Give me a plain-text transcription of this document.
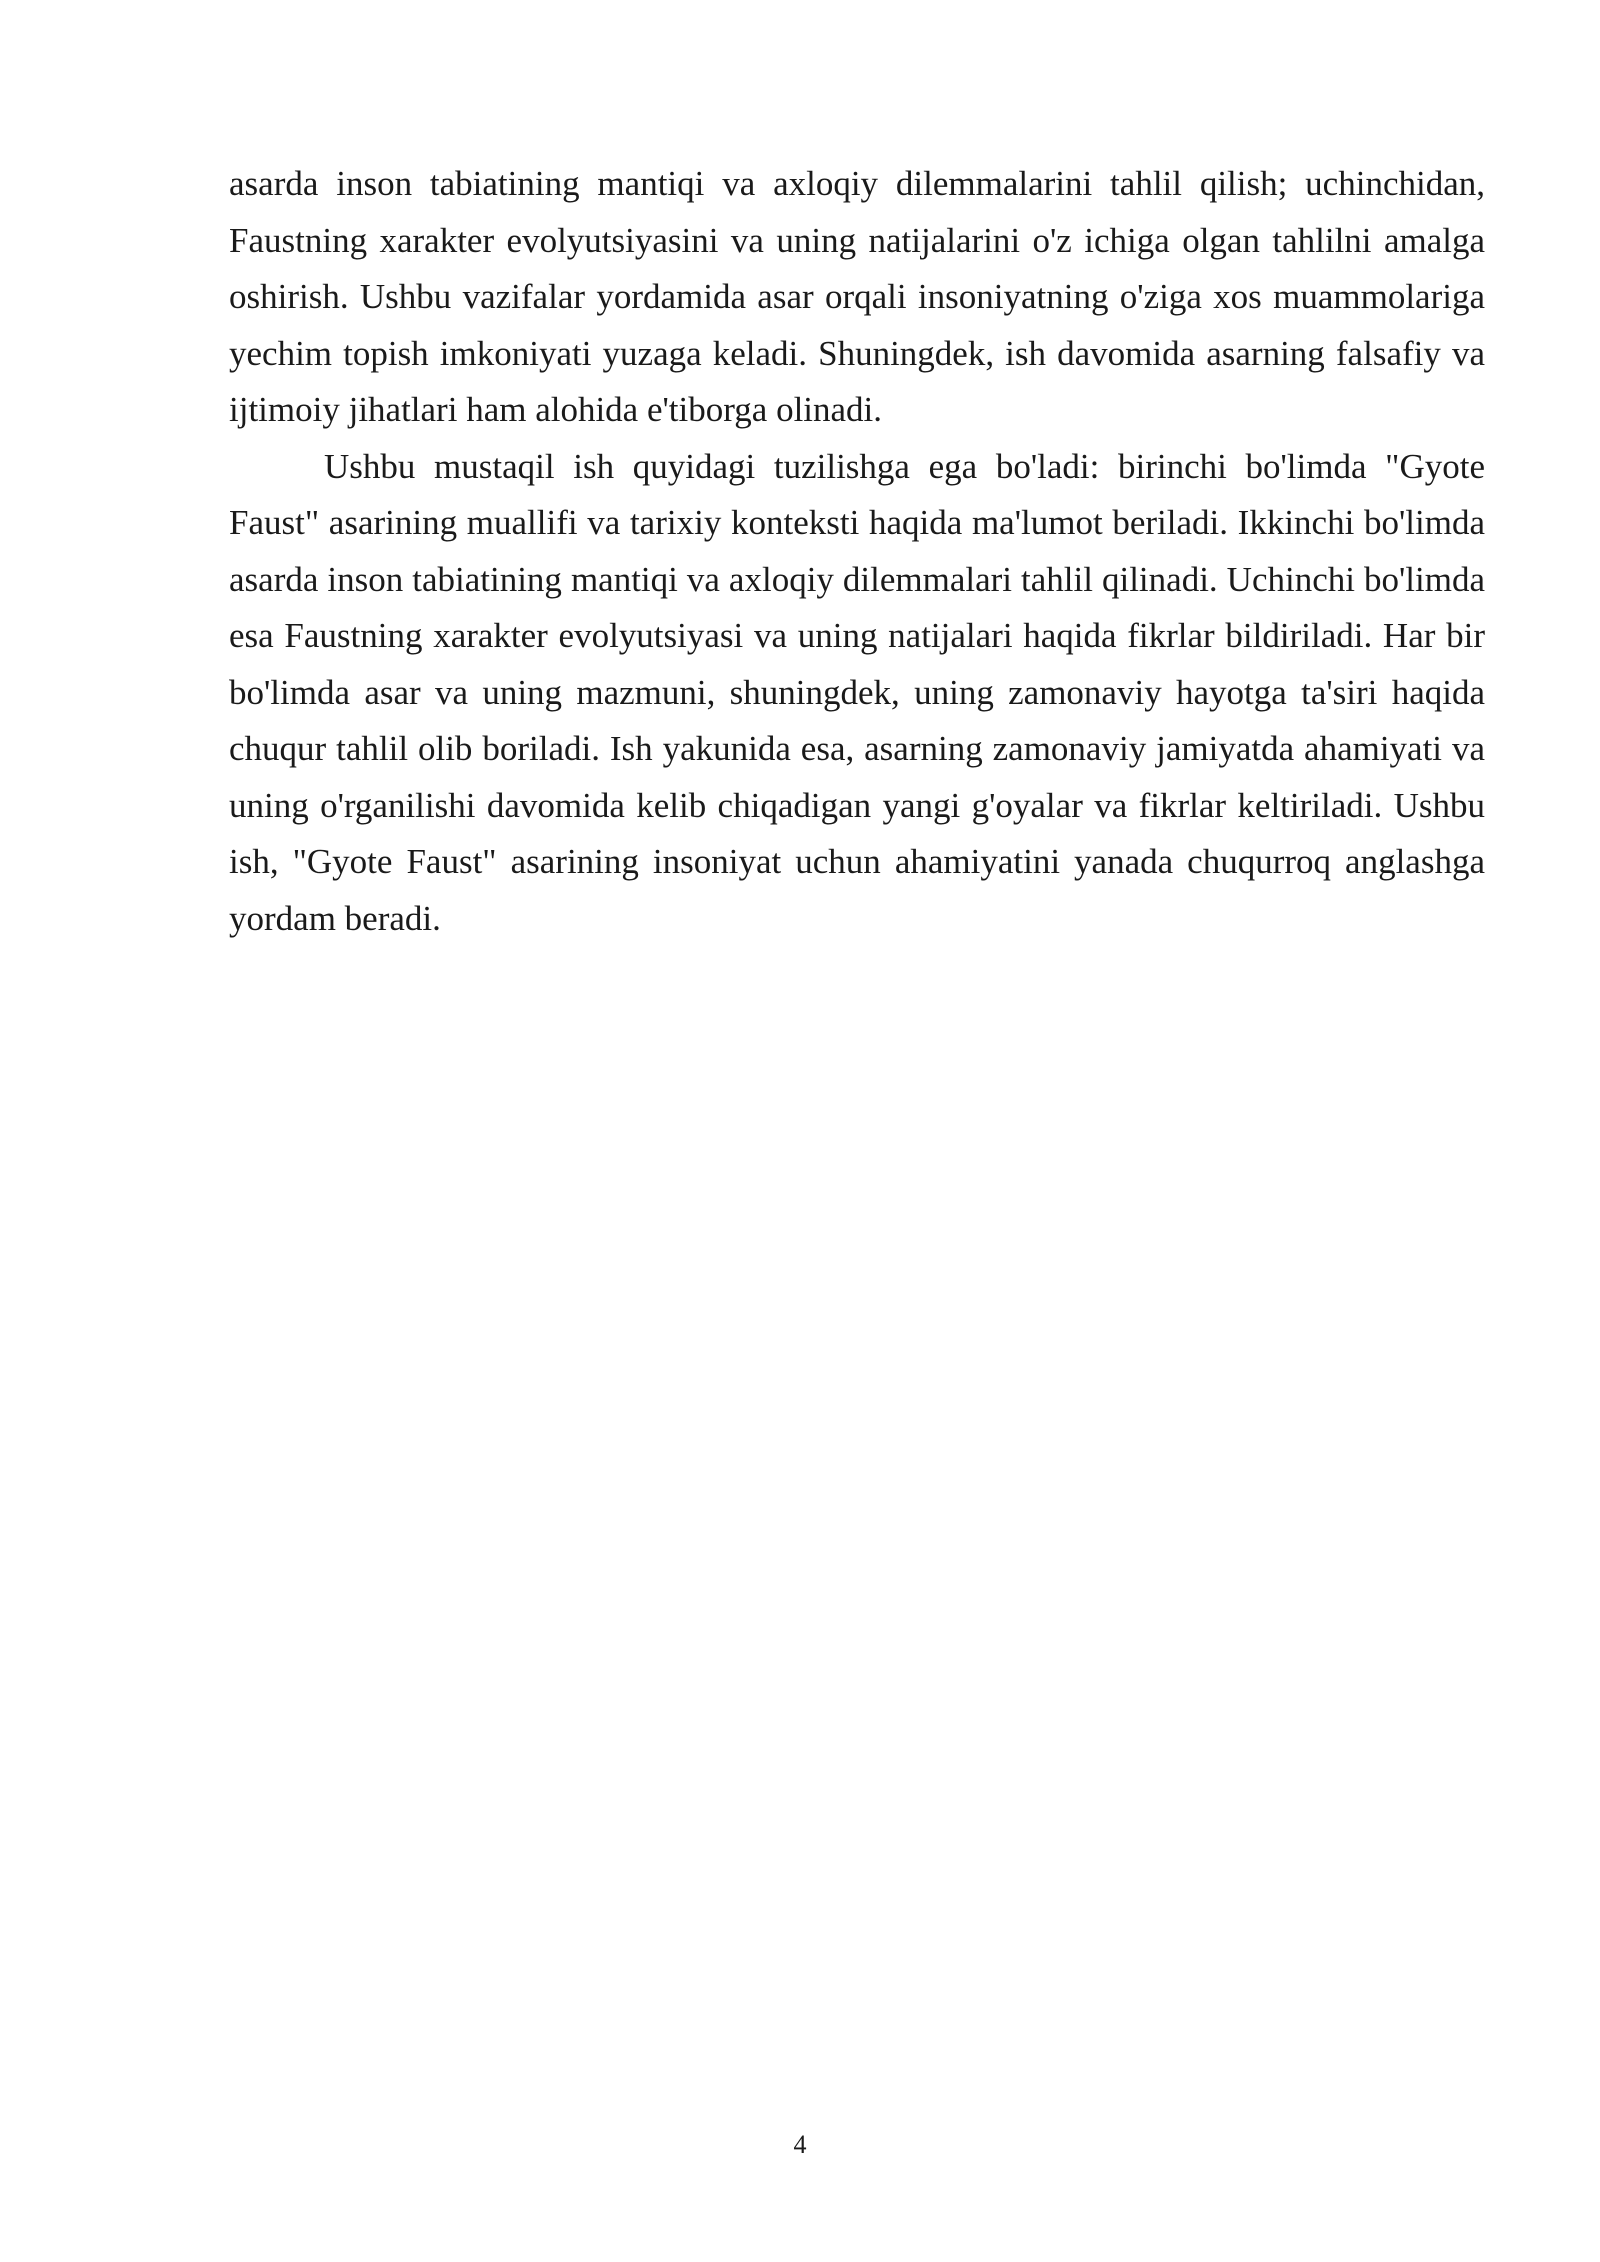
asarda inson tabiatining mantiqi va axloqiy dilemmalarini tahlil qilish; uchinchidan, Faustning xarakter evolyutsiyasini va uning natijalarini o'z ichiga olgan tahlilni amalga oshirish. Ushbu vazifalar yordamida asar orqali insoniyatning o'ziga xos muammolariga yechim topish imkoniyati yuzaga keladi. Shuningdek, ish davomida asarning falsafiy va ijtimoiy jihatlari ham alohida e'tiborga olinadi.

Ushbu mustaqil ish quyidagi tuzilishga ega bo'ladi: birinchi bo'limda "Gyote Faust" asarining muallifi va tarixiy konteksti haqida ma'lumot beriladi. Ikkinchi bo'limda asarda inson tabiatining mantiqi va axloqiy dilemmalari tahlil qilinadi. Uchinchi bo'limda esa Faustning xarakter evolyutsiyasi va uning natijalari haqida fikrlar bildiriladi. Har bir bo'limda asar va uning mazmuni, shuningdek, uning zamonaviy hayotga ta'siri haqida chuqur tahlil olib boriladi. Ish yakunida esa, asarning zamonaviy jamiyatda ahamiyati va uning o'rganilishi davomida kelib chiqadigan yangi g'oyalar va fikrlar keltiriladi. Ushbu ish, "Gyote Faust" asarining insoniyat uchun ahamiyatini yanada chuqurroq anglashga yordam beradi.

4
